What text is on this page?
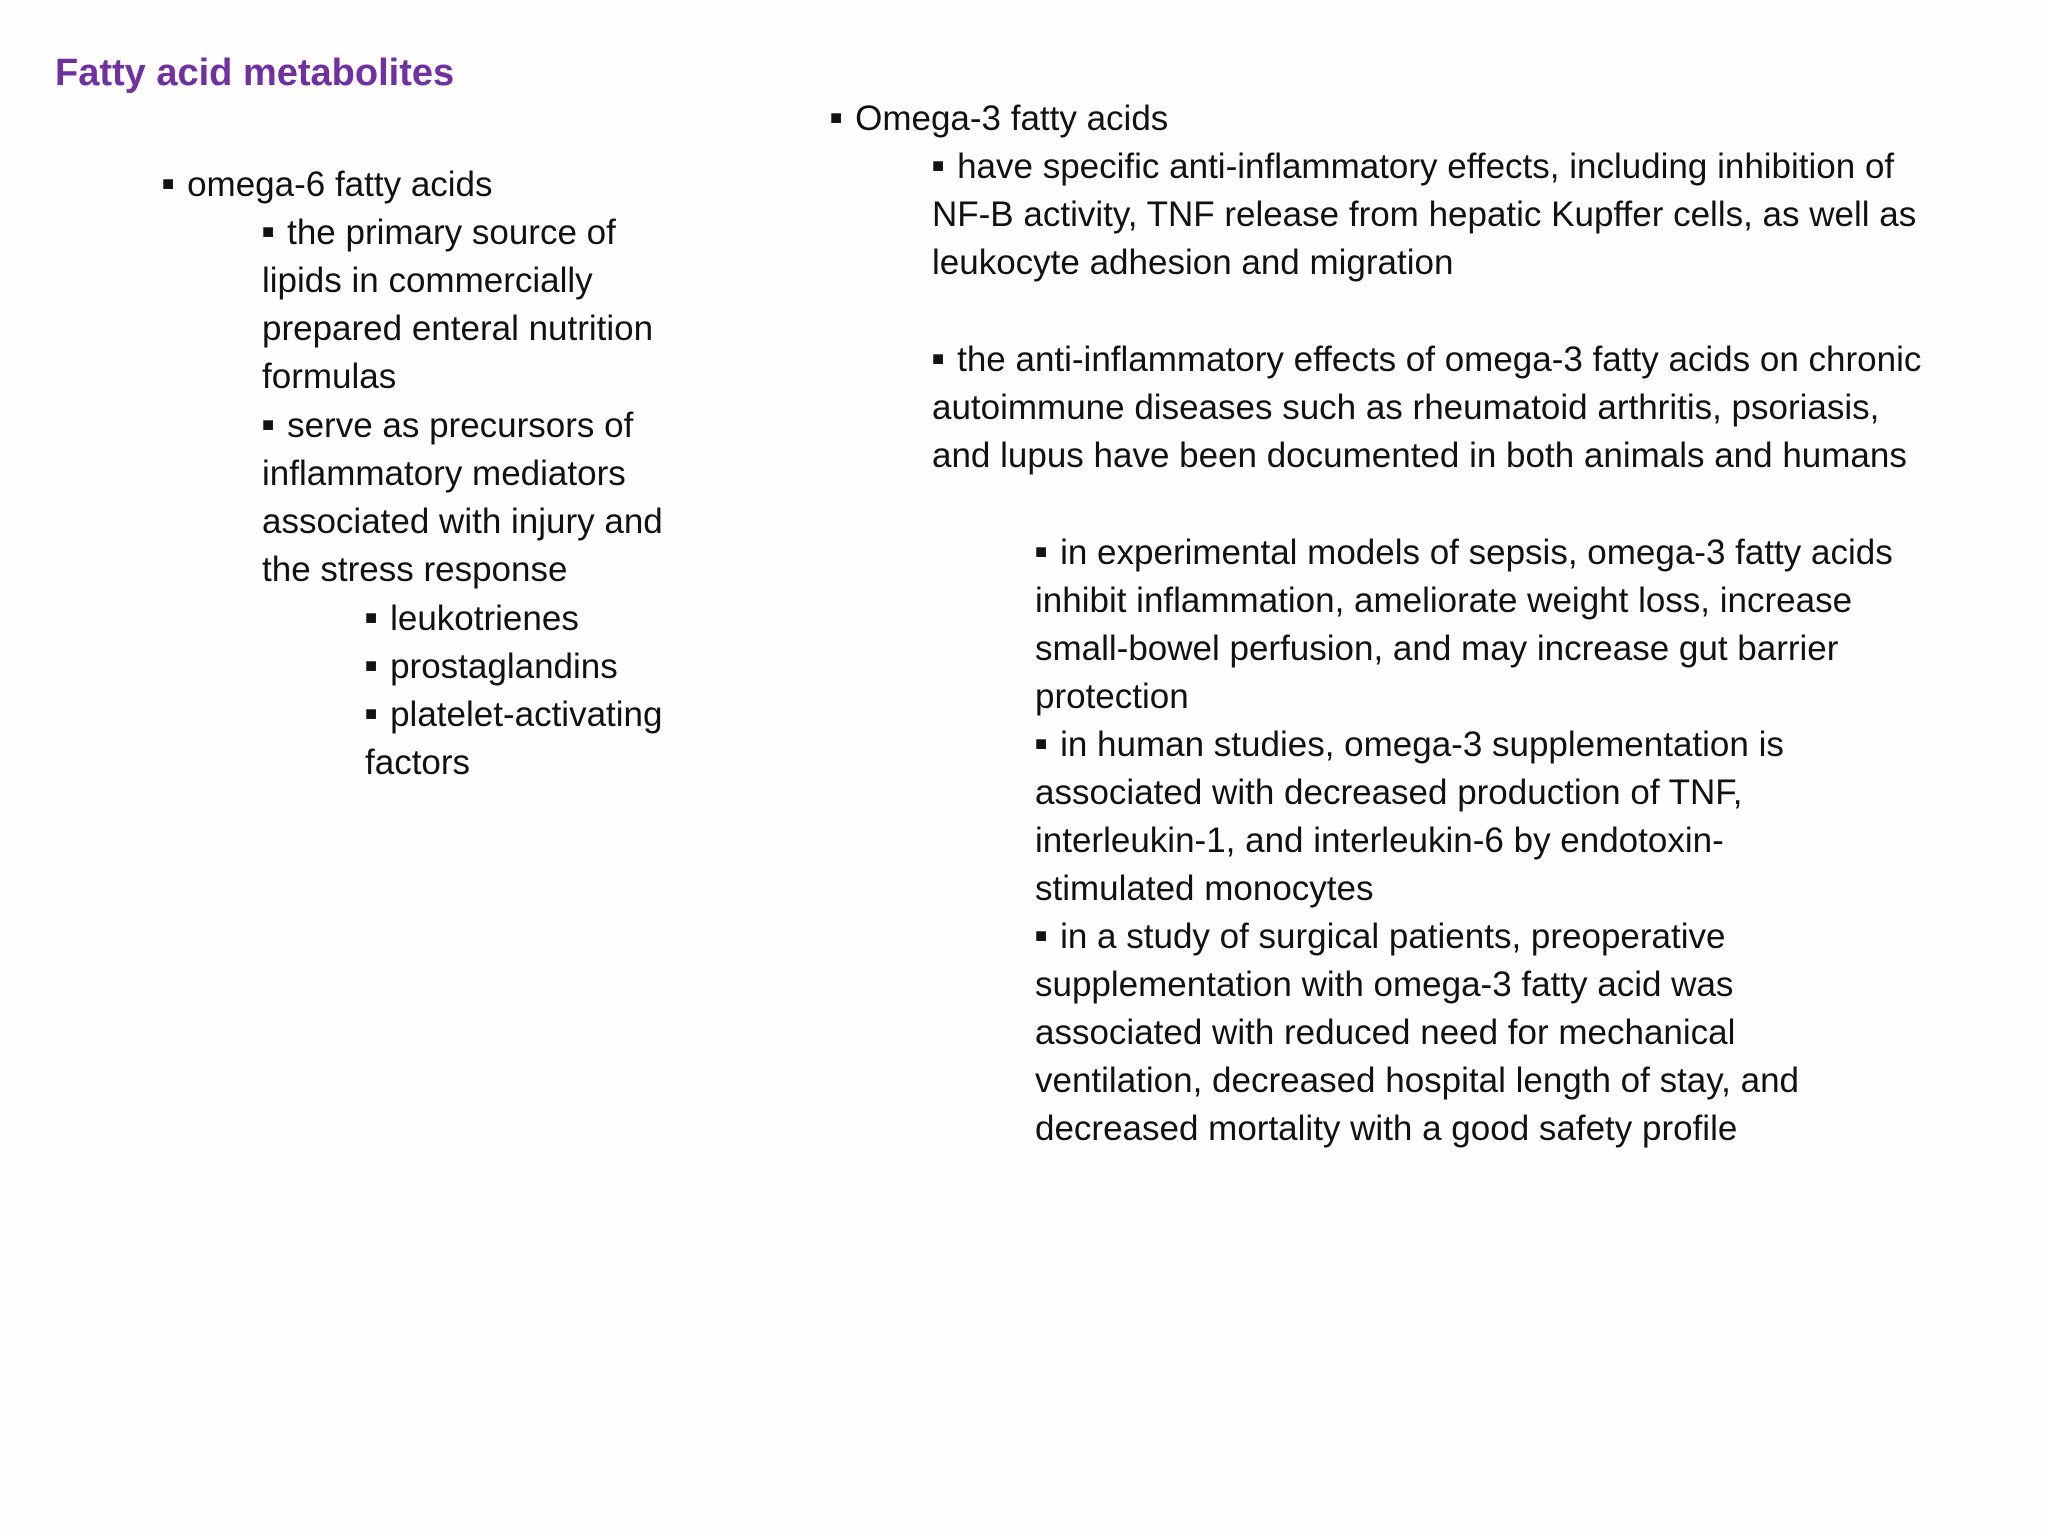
Fatty acid metabolites

■ omega-6 fatty acids

■ the primary source of lipids in commercially prepared enteral nutrition formulas

■ serve as precursors of inflammatory mediators associated with injury and the stress response

■ leukotrienes

■ prostaglandins

■ platelet-activating factors

■ Omega-3 fatty acids

■ have specific anti-inflammatory effects, including inhibition of NF-B activity, TNF release from hepatic Kupffer cells, as well as leukocyte adhesion and migration

■ the anti-inflammatory effects of omega-3 fatty acids on chronic autoimmune diseases such as rheumatoid arthritis, psoriasis, and lupus have been documented in both animals and humans

■ in experimental models of sepsis, omega-3 fatty acids inhibit inflammation, ameliorate weight loss, increase small-bowel perfusion, and may increase gut barrier protection

■ in human studies, omega-3 supplementation is associated with decreased production of TNF, interleukin-1, and interleukin-6 by endotoxin-stimulated monocytes

■ in a study of surgical patients, preoperative supplementation with omega-3 fatty acid was associated with reduced need for mechanical ventilation, decreased hospital length of stay, and decreased mortality with a good safety profile
